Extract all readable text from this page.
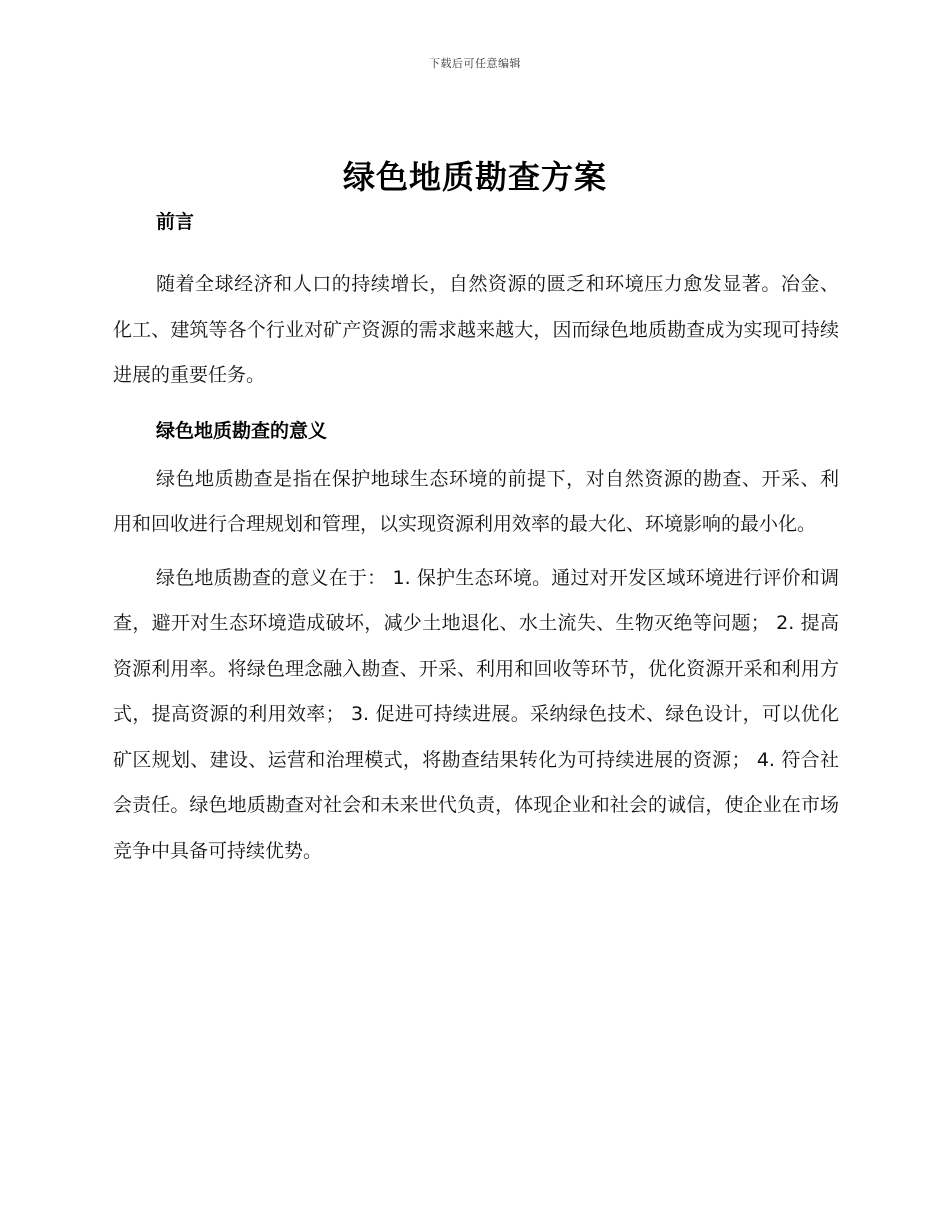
下载后可任意编辑
绿色地质勘查方案
前言

随着全球经济和人口的持续增长，自然资源的匮乏和环境压力愈发显著。冶金、化工、建筑等各个行业对矿产资源的需求越来越大，因而绿色地质勘查成为实现可持续进展的重要任务。

绿色地质勘查的意义

绿色地质勘查是指在保护地球生态环境的前提下，对自然资源的勘查、开采、利用和回收进行合理规划和管理，以实现资源利用效率的最大化、环境影响的最小化。

绿色地质勘查的意义在于： 1. 保护生态环境。通过对开发区域环境进行评价和调查，避开对生态环境造成破坏，减少土地退化、水土流失、生物灭绝等问题； 2. 提高资源利用率。将绿色理念融入勘查、开采、利用和回收等环节，优化资源开采和利用方式，提高资源的利用效率； 3. 促进可持续进展。采纳绿色技术、绿色设计，可以优化矿区规划、建设、运营和治理模式，将勘查结果转化为可持续进展的资源； 4. 符合社会责任。绿色地质勘查对社会和未来世代负责，体现企业和社会的诚信，使企业在市场竞争中具备可持续优势。
